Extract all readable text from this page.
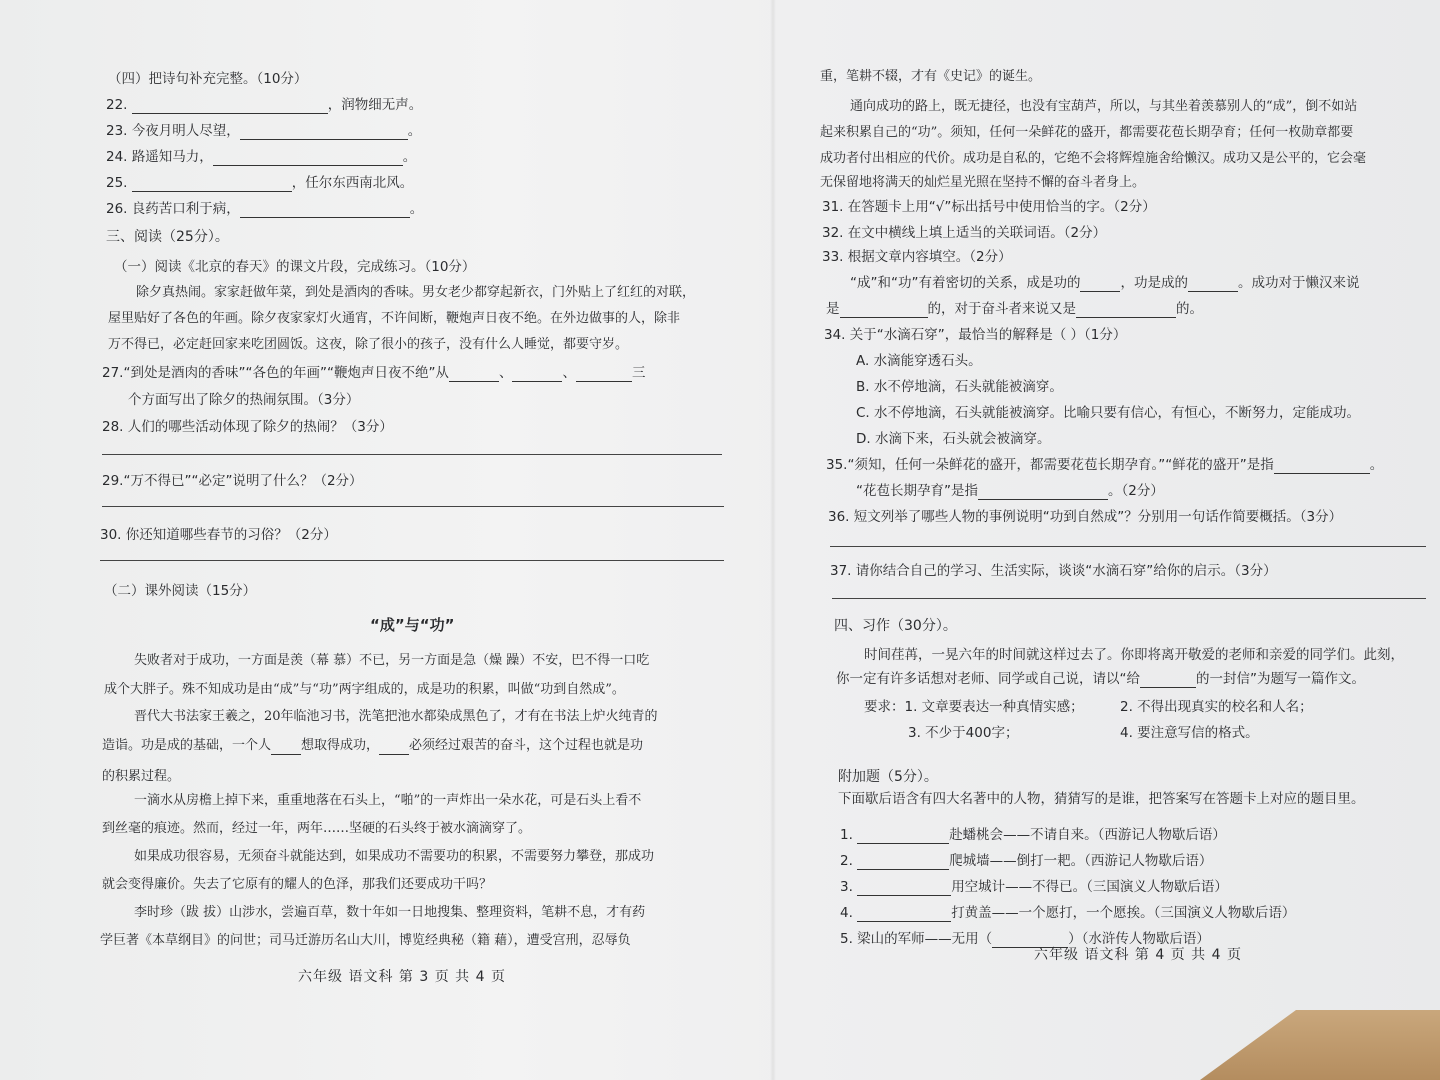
（四）把诗句补充完整。（10分）
22.	，润物细无声。
23. 今夜月明人尽望，	。
24. 路遥知马力，	。
25.	，任尔东西南北风。
26. 良药苦口利于病，	。
三、阅读（25分）。
（一）阅读《北京的春天》的课文片段，完成练习。（10分）
除夕真热闹。家家赶做年菜，到处是酒肉的香味。男女老少都穿起新衣，门外贴上了红红的对联，
屋里贴好了各色的年画。除夕夜家家灯火通宵，不许间断，鞭炮声日夜不绝。在外边做事的人，除非
万不得已，必定赶回家来吃团圆饭。这夜，除了很小的孩子，没有什么人睡觉，都要守岁。
27.“到处是酒肉的香味”“各色的年画”“鞭炮声日夜不绝”从	、	、	三
个方面写出了除夕的热闹氛围。（3分）
28. 人们的哪些活动体现了除夕的热闹？（3分）
29.“万不得已”“必定”说明了什么？（2分）
30. 你还知道哪些春节的习俗？（2分）
（二）课外阅读（15分）
“成”与“功”
失败者对于成功，一方面是羡（幕 慕）不已，另一方面是急（燥 躁）不安，巴不得一口吃
成个大胖子。殊不知成功是由“成”与“功”两字组成的，成是功的积累，叫做“功到自然成”。
晋代大书法家王羲之，20年临池习书，洗笔把池水都染成黑色了，才有在书法上炉火纯青的
造诣。功是成的基础，一个人 想取得成功， 必须经过艰苦的奋斗，这个过程也就是功
的积累过程。
一滴水从房檐上掉下来，重重地落在石头上，“啪”的一声炸出一朵水花，可是石头上看不
到丝毫的痕迹。然而，经过一年，两年……坚硬的石头终于被水滴滴穿了。
如果成功很容易，无须奋斗就能达到，如果成功不需要功的积累，不需要努力攀登，那成功
就会变得廉价。失去了它原有的耀人的色泽，那我们还要成功干吗？
李时珍（跋 拔）山涉水，尝遍百草，数十年如一日地搜集、整理资料，笔耕不息，才有药
学巨著《本草纲目》的问世；司马迁游历名山大川，博览经典秘（籍 藉），遭受宫刑，忍辱负
六年级 语文科 第 3 页 共 4 页
重，笔耕不辍，才有《史记》的诞生。
通向成功的路上，既无捷径，也没有宝葫芦，所以，与其坐着羡慕别人的“成”，倒不如站
起来积累自己的“功”。须知，任何一朵鲜花的盛开，都需要花苞长期孕育；任何一枚勋章都要
成功者付出相应的代价。成功是自私的，它绝不会将辉煌施舍给懒汉。成功又是公平的，它会毫
无保留地将满天的灿烂星光照在坚持不懈的奋斗者身上。
31. 在答题卡上用“√”标出括号中使用恰当的字。（2分）
32. 在文中横线上填上适当的关联词语。（2分）
33. 根据文章内容填空。（2分）
“成”和“功”有着密切的关系，成是功的	，功是成的	。成功对于懒汉来说
是	的，对于奋斗者来说又是	的。
34. 关于“水滴石穿”，最恰当的解释是（ ）（1分）
A. 水滴能穿透石头。
B. 水不停地滴，石头就能被滴穿。
C. 水不停地滴，石头就能被滴穿。比喻只要有信心，有恒心，不断努力，定能成功。
D. 水滴下来，石头就会被滴穿。
35.“须知，任何一朵鲜花的盛开，都需要花苞长期孕育。”“鲜花的盛开”是指	。
“花苞长期孕育”是指	。（2分）
36. 短文列举了哪些人物的事例说明“功到自然成”？分别用一句话作简要概括。（3分）
37. 请你结合自己的学习、生活实际，谈谈“水滴石穿”给你的启示。（3分）
四、习作（30分）。
时间荏苒，一晃六年的时间就这样过去了。你即将离开敬爱的老师和亲爱的同学们。此刻，
你一定有许多话想对老师、同学或自己说，请以“给	的一封信”为题写一篇作文。
要求：1. 文章要表达一种真情实感；	2. 不得出现真实的校名和人名；
3. 不少于400字；	4. 要注意写信的格式。
附加题（5分）。
下面歇后语含有四大名著中的人物，猜猜写的是谁，把答案写在答题卡上对应的题目里。
1.	赴蟠桃会——不请自来。（西游记人物歇后语）
2.	爬城墙——倒打一耙。（西游记人物歇后语）
3.	用空城计——不得已。（三国演义人物歇后语）
4.	打黄盖——一个愿打，一个愿挨。（三国演义人物歇后语）
5. 梁山的军师——无用（	）（水浒传人物歇后语）
六年级 语文科 第 4 页 共 4 页
